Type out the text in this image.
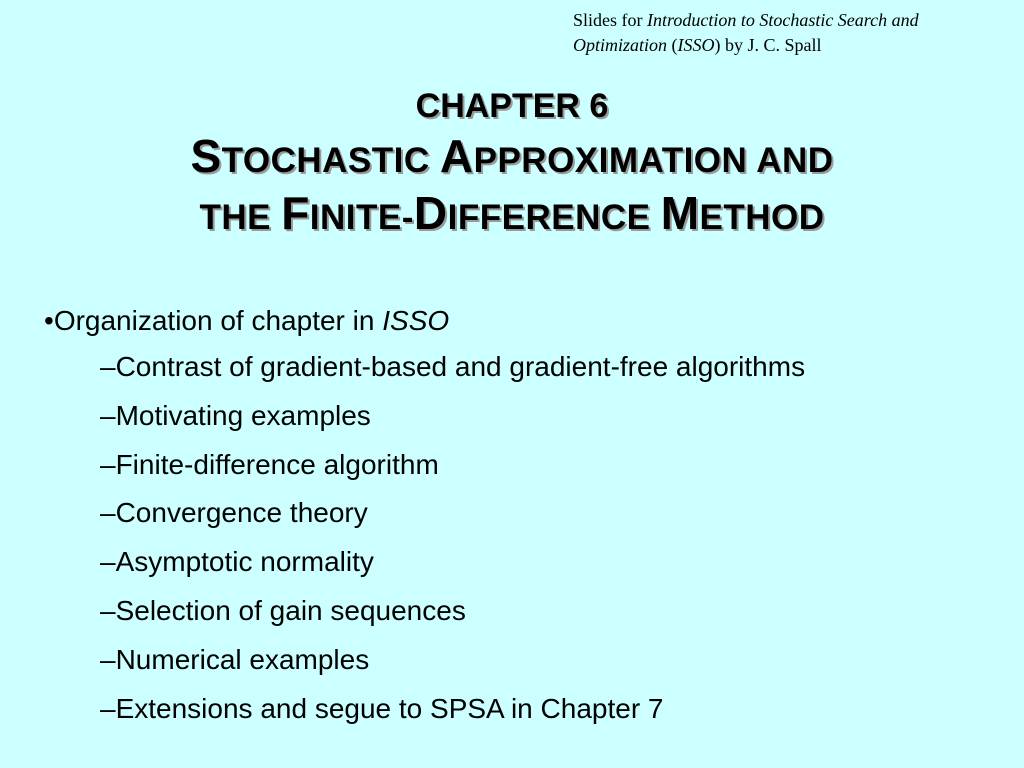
Slides for Introduction to Stochastic Search and Optimization (ISSO) by J. C. Spall
CHAPTER 6
STOCHASTIC APPROXIMATION AND
THE FINITE-DIFFERENCE METHOD

•Organization of chapter in ISSO

–Contrast of gradient-based and gradient-free algorithms
–Motivating examples
–Finite-difference algorithm
–Convergence theory
–Asymptotic normality
–Selection of gain sequences
–Numerical examples
–Extensions and segue to SPSA in Chapter 7
